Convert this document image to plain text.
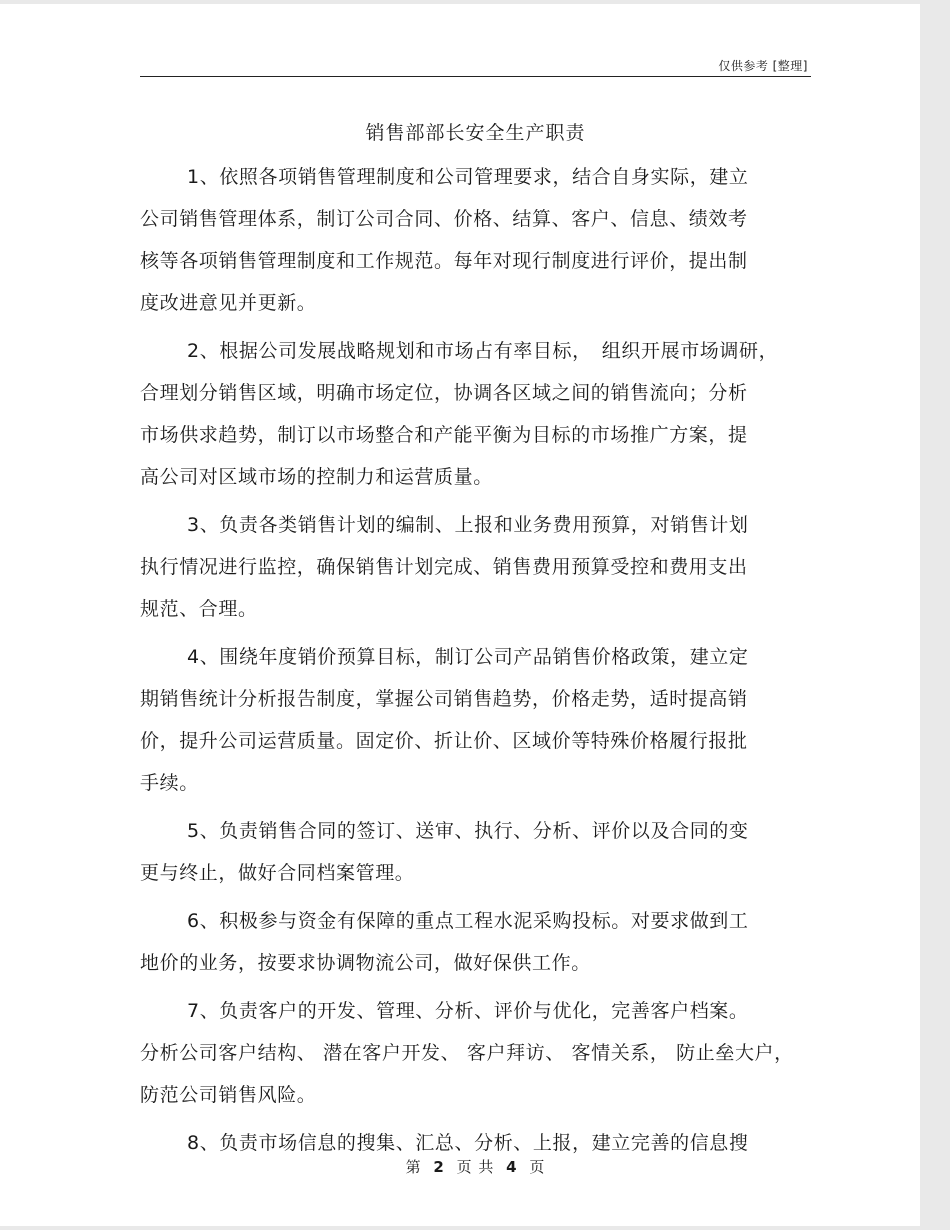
仅供参考 [整理]
销售部部长安全生产职责
1、依照各项销售管理制度和公司管理要求，结合自身实际，建立
公司销售管理体系，制订公司合同、价格、结算、客户、信息、绩效考
核等各项销售管理制度和工作规范。每年对现行制度进行评价，提出制
度改进意见并更新。
2、根据公司发展战略规划和市场占有率目标，　组织开展市场调研，
合理划分销售区域，明确市场定位，协调各区域之间的销售流向；分析
市场供求趋势，制订以市场整合和产能平衡为目标的市场推广方案，提
高公司对区域市场的控制力和运营质量。
3、负责各类销售计划的编制、上报和业务费用预算，对销售计划
执行情况进行监控，确保销售计划完成、销售费用预算受控和费用支出
规范、合理。
4、围绕年度销价预算目标，制订公司产品销售价格政策，建立定
期销售统计分析报告制度，掌握公司销售趋势，价格走势，适时提高销
价，提升公司运营质量。固定价、折让价、区域价等特殊价格履行报批
手续。
5、负责销售合同的签订、送审、执行、分析、评价以及合同的变
更与终止，做好合同档案管理。
6、积极参与资金有保障的重点工程水泥采购投标。对要求做到工
地价的业务，按要求协调物流公司，做好保供工作。
7、负责客户的开发、管理、分析、评价与优化，完善客户档案。
分析公司客户结构、 潜在客户开发、 客户拜访、 客情关系， 防止垒大户，
防范公司销售风险。
8、负责市场信息的搜集、汇总、分析、上报，建立完善的信息搜
第 2 页 共 4 页
